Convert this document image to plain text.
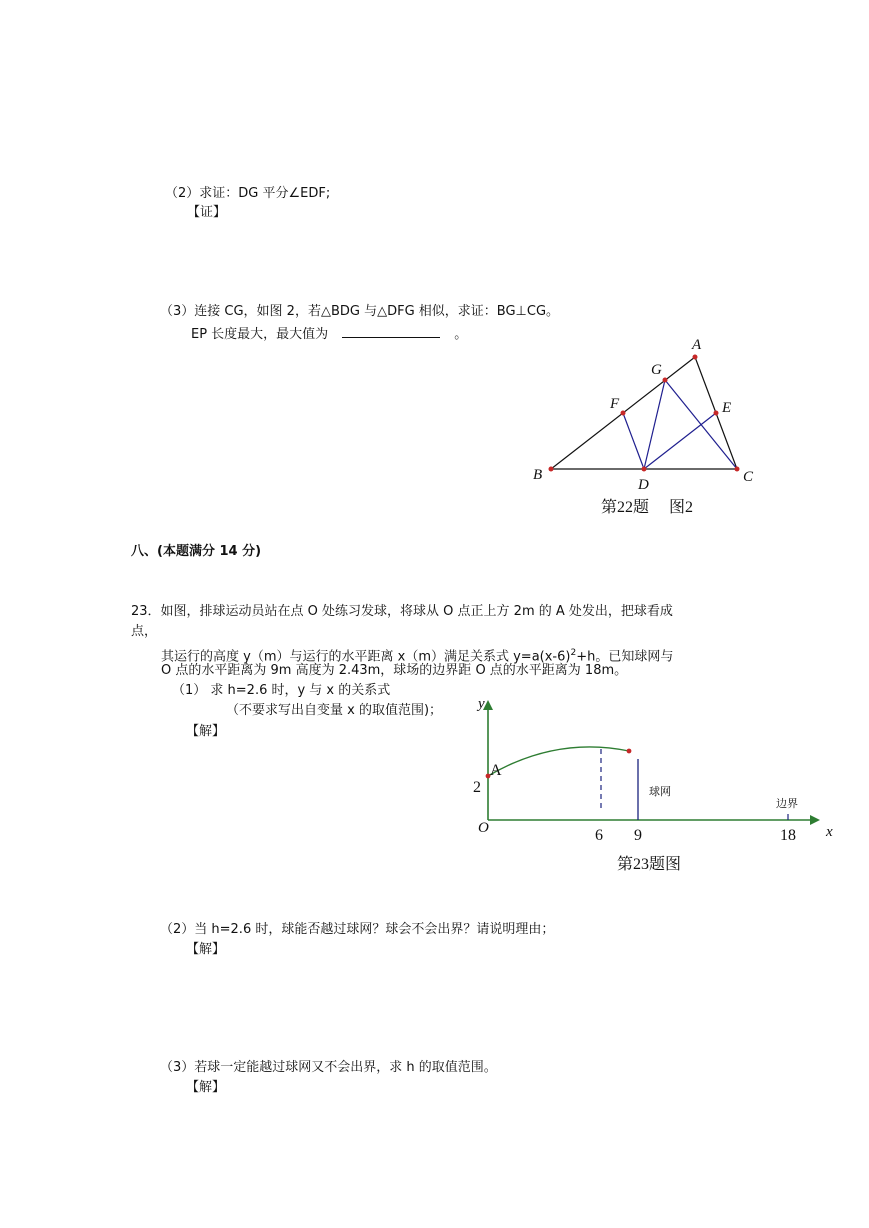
（2）求证：DG 平分∠EDF;
【证】
（3）连接 CG，如图 2，若△BDG 与△DFG 相似，求证：BG⊥CG。
EP 长度最大，最大值为	。
A
G
F	E
B
D	C
第22题     图2
八、(本题满分 14 分)
23．如图，排球运动员站在点 O 处练习发球，将球从 O 点正上方 2m 的 A 处发出，把球看成
点，
其运行的高度 y（m）与运行的水平距离 x（m）满足关系式 $y=a(x-6)^2+h$。已知球网与
O 点的水平距离为 9m 高度为 2.43m，球场的边界距 O 点的水平距离为 18m。
（1） 求 h=2.6 时，y 与 x 的关系式
（不要求写出自变量 x 的取值范围)；
【解】
y
x
O
A
2
6 9	18
球网
边界
第23题图
（2）当 h=2.6 时，球能否越过球网？球会不会出界？请说明理由；
【解】
（3）若球一定能越过球网又不会出界，求 h 的取值范围。
【解】
